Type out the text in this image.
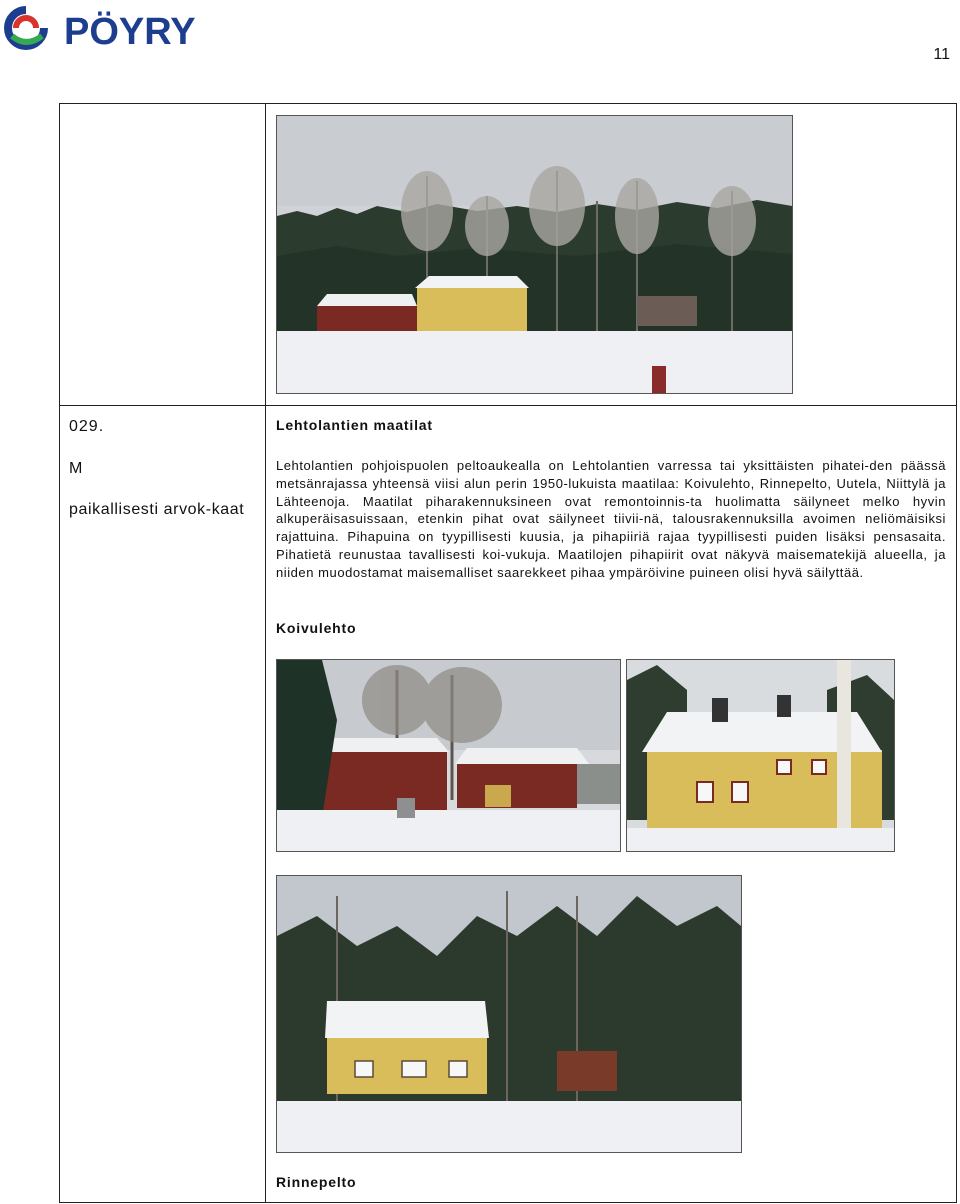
PÖYRY
11
029.
M
paikallisesti arvok-kaat
Lehtolantien maatilat
Lehtolantien pohjoispuolen peltoaukealla on Lehtolantien varressa tai yksittäisten pihatei-den päässä metsänrajassa yhteensä viisi alun perin 1950-lukuista maatilaa: Koivulehto, Rinnepelto, Uutela, Niittylä ja Lähteenoja. Maatilat piharakennuksineen ovat remontoinnis-ta huolimatta säilyneet melko hyvin alkuperäisasuissaan, etenkin pihat ovat säilyneet tiivii-nä, talousrakennuksilla avoimen neliömäisiksi rajattuina. Pihapuina on tyypillisesti kuusia, ja pihapiiriä rajaa tyypillisesti puiden lisäksi pensasaita. Pihatietä reunustaa tavallisesti koi-vukuja. Maatilojen pihapiirit ovat näkyvä maisematekijä alueella, ja niiden muodostamat maisemalliset saarekkeet pihaa ympäröivine puineen olisi hyvä säilyttää.
Koivulehto
Rinnepelto
